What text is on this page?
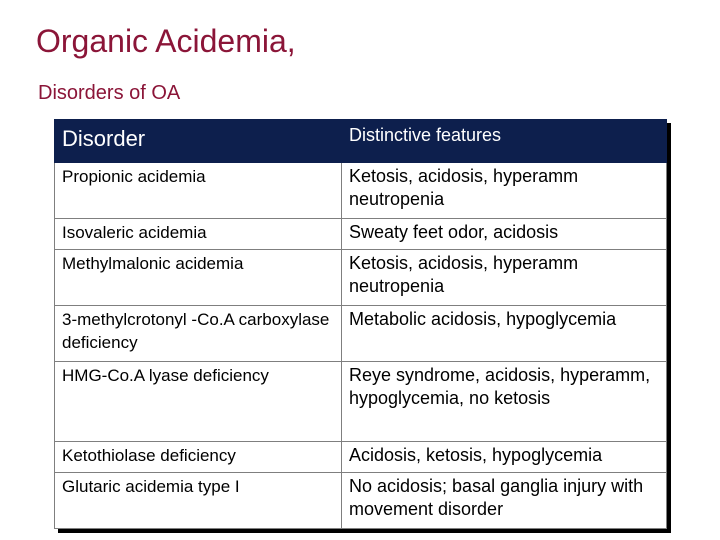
Organic Acidemia,
Disorders of OA
Disorder	Distinctive features
Propionic acidemia	Ketosis, acidosis, hyperamm neutropenia
Isovaleric acidemia	Sweaty feet odor, acidosis
Methylmalonic acidemia	Ketosis, acidosis, hyperamm neutropenia
3-methylcrotonyl -Co.A carboxylase deficiency	Metabolic acidosis, hypoglycemia
HMG-Co.A lyase deficiency	Reye syndrome, acidosis, hyperamm, hypoglycemia, no ketosis
Ketothiolase deficiency	Acidosis, ketosis, hypoglycemia
Glutaric acidemia type I	No acidosis; basal ganglia injury with movement disorder
